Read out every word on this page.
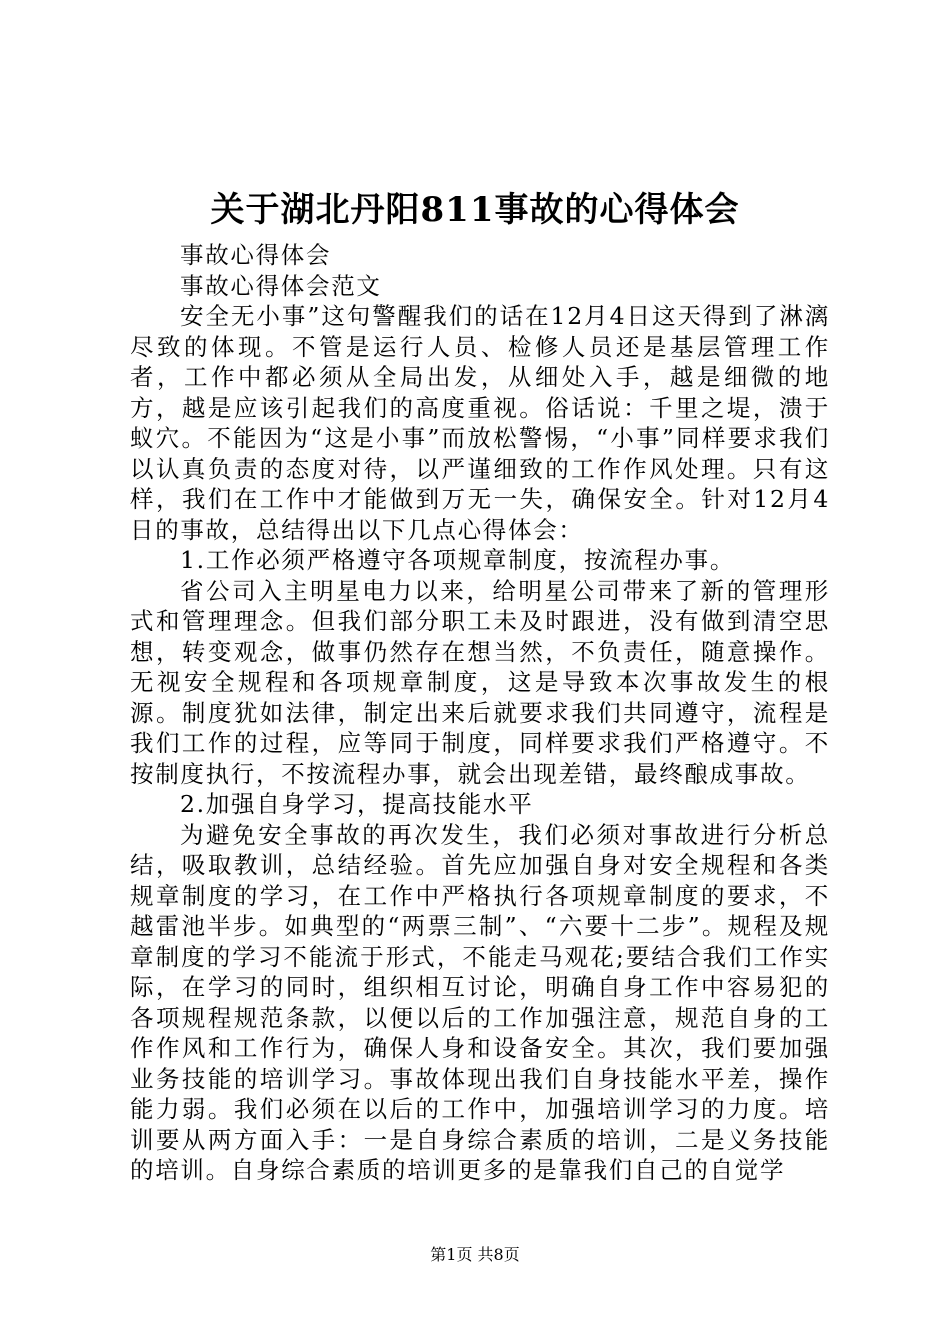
关于湖北丹阳811事故的心得体会

事故心得体会

事故心得体会范文

安全无小事”这句警醒我们的话在12月4日这天得到了淋漓尽致的体现。不管是运行人员、检修人员还是基层管理工作者，工作中都必须从全局出发，从细处入手，越是细微的地方，越是应该引起我们的高度重视。俗话说：千里之堤，溃于蚁穴。不能因为“这是小事”而放松警惕，“小事”同样要求我们以认真负责的态度对待，以严谨细致的工作作风处理。只有这样，我们在工作中才能做到万无一失，确保安全。针对12月4日的事故，总结得出以下几点心得体会：

1.工作必须严格遵守各项规章制度，按流程办事。

省公司入主明星电力以来，给明星公司带来了新的管理形式和管理理念。但我们部分职工未及时跟进，没有做到清空思想，转变观念，做事仍然存在想当然，不负责任，随意操作。无视安全规程和各项规章制度，这是导致本次事故发生的根源。制度犹如法律，制定出来后就要求我们共同遵守，流程是我们工作的过程，应等同于制度，同样要求我们严格遵守。不按制度执行，不按流程办事，就会出现差错，最终酿成事故。

2.加强自身学习，提高技能水平

为避免安全事故的再次发生，我们必须对事故进行分析总结，吸取教训，总结经验。首先应加强自身对安全规程和各类规章制度的学习，在工作中严格执行各项规章制度的要求，不越雷池半步。如典型的“两票三制”、“六要十二步”。规程及规章制度的学习不能流于形式，不能走马观花;要结合我们工作实际，在学习的同时，组织相互讨论，明确自身工作中容易犯的各项规程规范条款，以便以后的工作加强注意，规范自身的工作作风和工作行为，确保人身和设备安全。其次，我们要加强业务技能的培训学习。事故体现出我们自身技能水平差，操作能力弱。我们必须在以后的工作中，加强培训学习的力度。培训要从两方面入手：一是自身综合素质的培训，二是义务技能的培训。自身综合素质的培训更多的是靠我们自己的自觉学

第1页 共8页
